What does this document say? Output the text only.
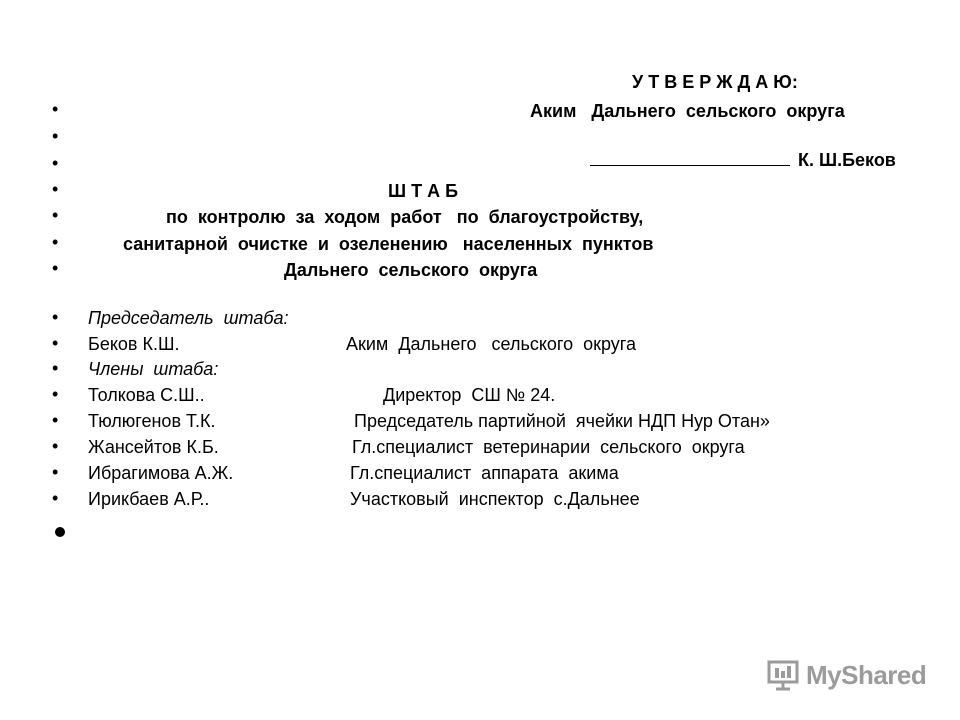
У Т В Е Р Ж Д А Ю:
•	Аким   Дальнего  сельского  округа
•

К. Ш.Беков

•
•	Ш Т А Б
•	по  контролю  за  ходом  работ   по  благоустройству,
•	санитарной  очистке  и  озеленению   населенных  пунктов
•	Дальнего  сельского  округа
• Председатель  штаба:
• Беков К.Ш.	Аким  Дальнего   сельского  округа
• Члены  штаба:
• Толкова С.Ш..	Директор  СШ № 24.
• Тюлюгенов Т.К.	Председатель партийной  ячейки НДП Нур Отан»
• Жансейтов К.Б.	Гл.специалист  ветеринарии  сельского  округа
• Ибрагимова А.Ж.	Гл.специалист  аппарата  акима
• Ирикбаев А.Р..	Участковый  инспектор  с.Дальнее
MyShared
